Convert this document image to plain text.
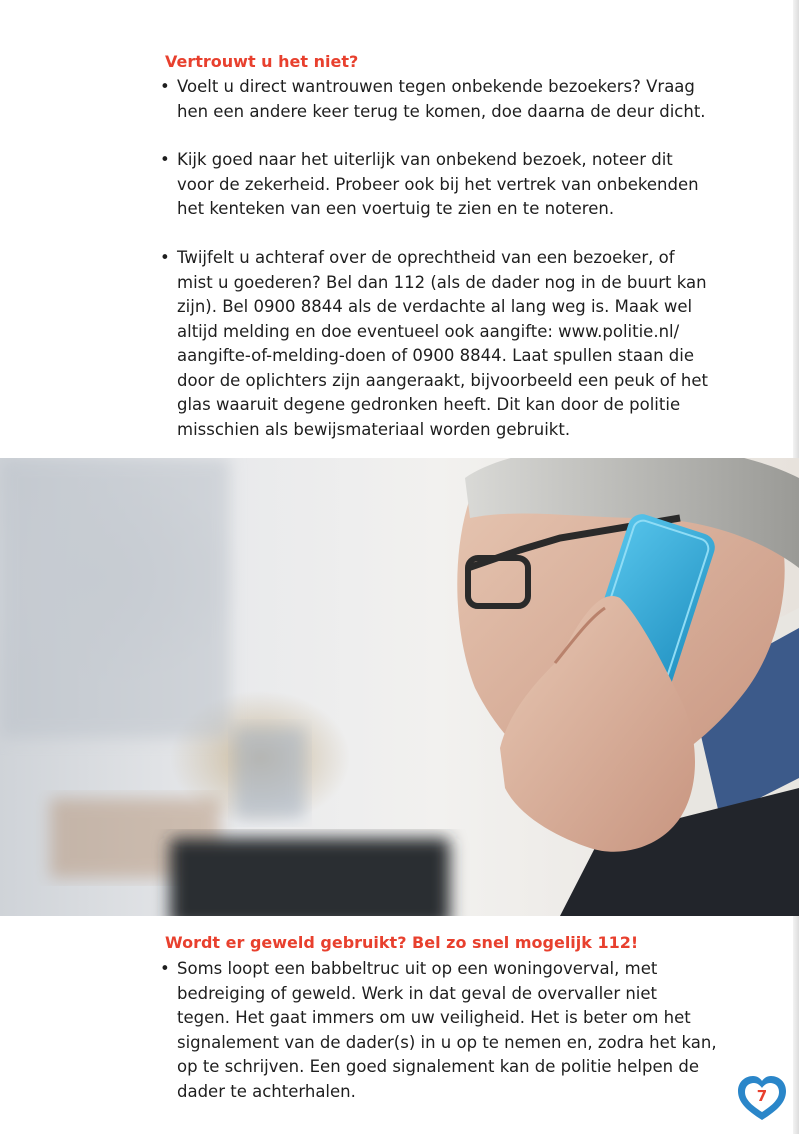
Vertrouwt u het niet?

• Voelt u direct wantrouwen tegen onbekende bezoekers? Vraag
hen een andere keer terug te komen, doe daarna de deur dicht.

• Kijk goed naar het uiterlijk van onbekend bezoek, noteer dit
voor de zekerheid. Probeer ook bij het vertrek van onbekenden
het kenteken van een voertuig te zien en te noteren.

• Twijfelt u achteraf over de oprechtheid van een bezoeker, of
mist u goederen? Bel dan 112 (als de dader nog in de buurt kan
zijn). Bel 0900 8844 als de verdachte al lang weg is. Maak wel
altijd melding en doe eventueel ook aangifte: www.politie.nl/
aangifte-of-melding-doen of 0900 8844. Laat spullen staan die
door de oplichters zijn aangeraakt, bijvoorbeeld een peuk of het
glas waaruit degene gedronken heeft. Dit kan door de politie
misschien als bewijsmateriaal worden gebruikt.

Wordt er geweld gebruikt? Bel zo snel mogelijk 112!

• Soms loopt een babbeltruc uit op een woningoverval, met
bedreiging of geweld. Werk in dat geval de overvaller niet
tegen. Het gaat immers om uw veiligheid. Het is beter om het
signalement van de dader(s) in u op te nemen en, zodra het kan,
op te schrijven. Een goed signalement kan de politie helpen de
dader te achterhalen.	7
